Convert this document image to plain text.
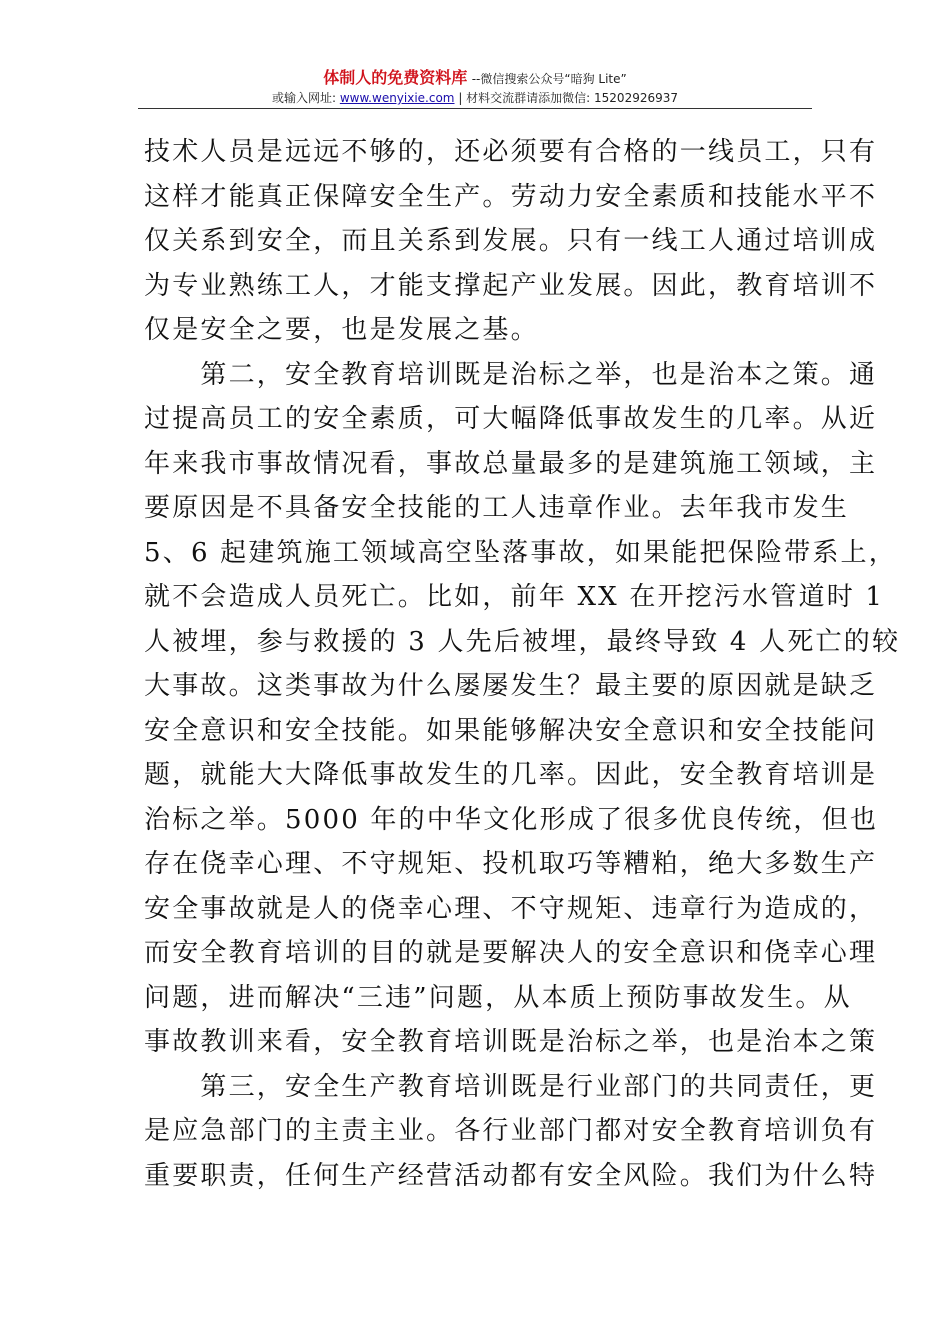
体制人的免费资料库 --微信搜索公众号“暗狗 Lite”
或输入网址: www.wenyixie.com | 材料交流群请添加微信: 15202926937

技术人员是远远不够的，还必须要有合格的一线员工，只有
这样才能真正保障安全生产。劳动力安全素质和技能水平不
仅关系到安全，而且关系到发展。只有一线工人通过培训成
为专业熟练工人，才能支撑起产业发展。因此，教育培训不
仅是安全之要，也是发展之基。
　　第二，安全教育培训既是治标之举，也是治本之策。通
过提高员工的安全素质，可大幅降低事故发生的几率。从近
年来我市事故情况看，事故总量最多的是建筑施工领域，主
要原因是不具备安全技能的工人违章作业。去年我市发生
5、6 起建筑施工领域高空坠落事故，如果能把保险带系上，
就不会造成人员死亡。比如，前年 XX 在开挖污水管道时 1
人被埋，参与救援的 3 人先后被埋，最终导致 4 人死亡的较
大事故。这类事故为什么屡屡发生？最主要的原因就是缺乏
安全意识和安全技能。如果能够解决安全意识和安全技能问
题，就能大大降低事故发生的几率。因此，安全教育培训是
治标之举。5000 年的中华文化形成了很多优良传统，但也
存在侥幸心理、不守规矩、投机取巧等糟粕，绝大多数生产
安全事故就是人的侥幸心理、不守规矩、违章行为造成的，
而安全教育培训的目的就是要解决人的安全意识和侥幸心理
问题，进而解决“三违”问题，从本质上预防事故发生。从
事故教训来看，安全教育培训既是治标之举，也是治本之策
　　第三，安全生产教育培训既是行业部门的共同责任，更
是应急部门的主责主业。各行业部门都对安全教育培训负有
重要职责，任何生产经营活动都有安全风险。我们为什么特
